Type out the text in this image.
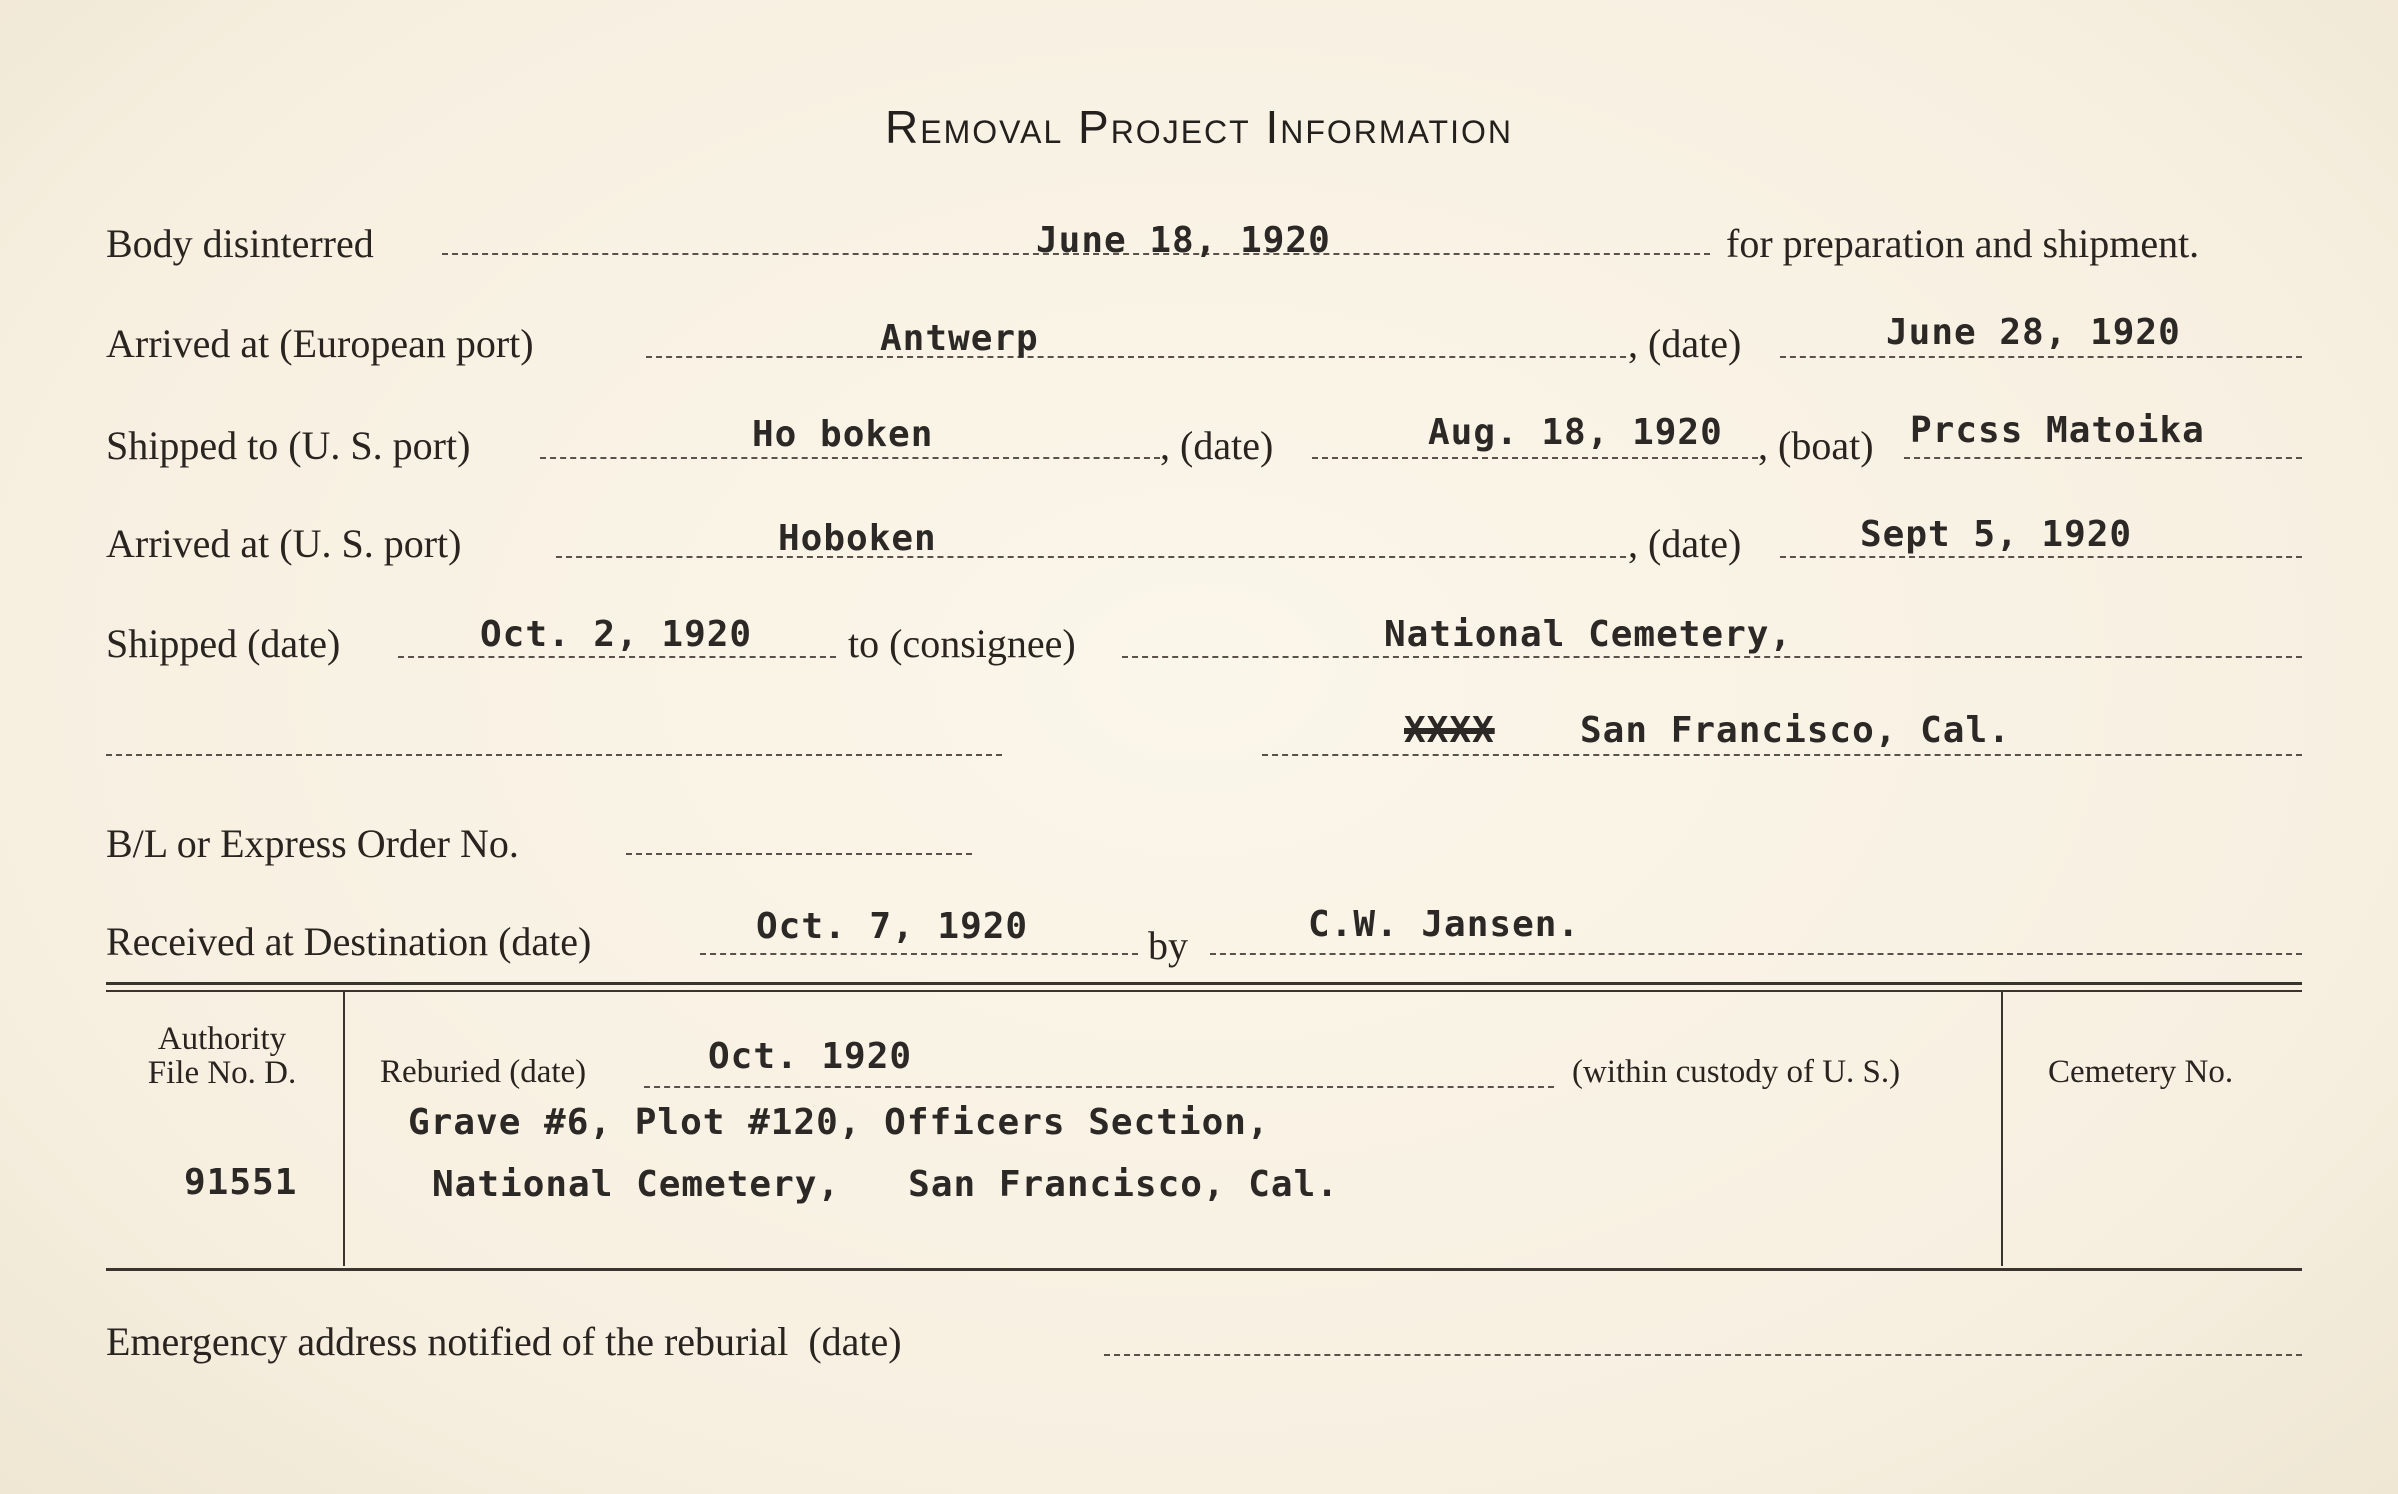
Removal Project Information
Body disinterred	June 18, 1920	for preparation and shipment.
Arrived at (European port)	Antwerp	, (date)	June 28, 1920
Shipped to (U. S. port)	Ho boken	, (date)	Aug. 18, 1920 , (boat) Prcss Matoika
Arrived at (U. S. port)	Hoboken	, (date)	Sept 5, 1920
Shipped (date)	Oct. 2, 1920 to (consignee)	National Cemetery,
XXXX San Francisco, Cal.
B/L or Express Order No.
Received at Destination (date)	Oct. 7, 1920	by	C.W. Jansen.
Authority
File No. D.
91551
Reburied (date)	Oct. 1920	(within custody of U. S.)
Grave #6, Plot #120, Officers Section,
National Cemetery,   San Francisco, Cal.
Cemetery No.
Emergency address notified of the reburial  (date)
